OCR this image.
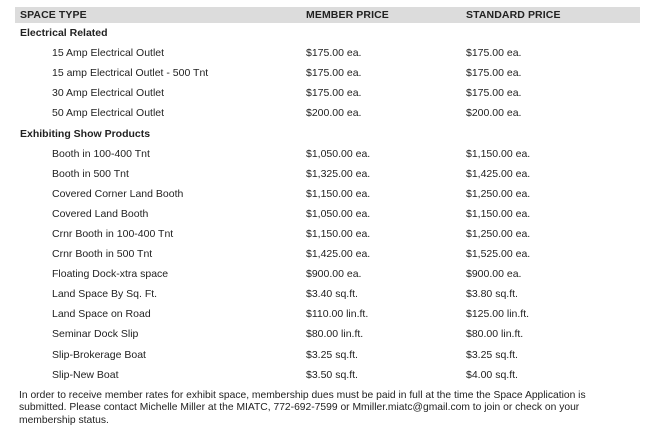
SPACE TYPE	MEMBER PRICE	STANDARD PRICE
Electrical Related		
15 Amp Electrical Outlet	$175.00 ea.	$175.00 ea.
15 amp Electrical Outlet - 500 Tnt	$175.00 ea.	$175.00 ea.
30 Amp Electrical Outlet	$175.00 ea.	$175.00 ea.
50 Amp Electrical Outlet	$200.00 ea.	$200.00 ea.
Exhibiting Show Products		
Booth in 100-400 Tnt	$1,050.00 ea.	$1,150.00 ea.
Booth in 500 Tnt	$1,325.00 ea.	$1,425.00 ea.
Covered Corner Land Booth	$1,150.00 ea.	$1,250.00 ea.
Covered Land Booth	$1,050.00 ea.	$1,150.00 ea.
Crnr Booth in 100-400 Tnt	$1,150.00 ea.	$1,250.00 ea.
Crnr Booth in 500 Tnt	$1,425.00 ea.	$1,525.00 ea.
Floating Dock-xtra space	$900.00 ea.	$900.00 ea.
Land Space By Sq. Ft.	$3.40 sq.ft.	$3.80 sq.ft.
Land Space on Road	$110.00 lin.ft.	$125.00 lin.ft.
Seminar Dock Slip	$80.00 lin.ft.	$80.00 lin.ft.
Slip-Brokerage Boat	$3.25 sq.ft.	$3.25 sq.ft.
Slip-New Boat	$3.50 sq.ft.	$4.00 sq.ft.
In order to receive member rates for exhibit space, membership dues must be paid in full at the time the Space Application is submitted. Please contact Michelle Miller at the MIATC, 772-692-7599 or Mmiller.miatc@gmail.com to join or check on your membership status.
